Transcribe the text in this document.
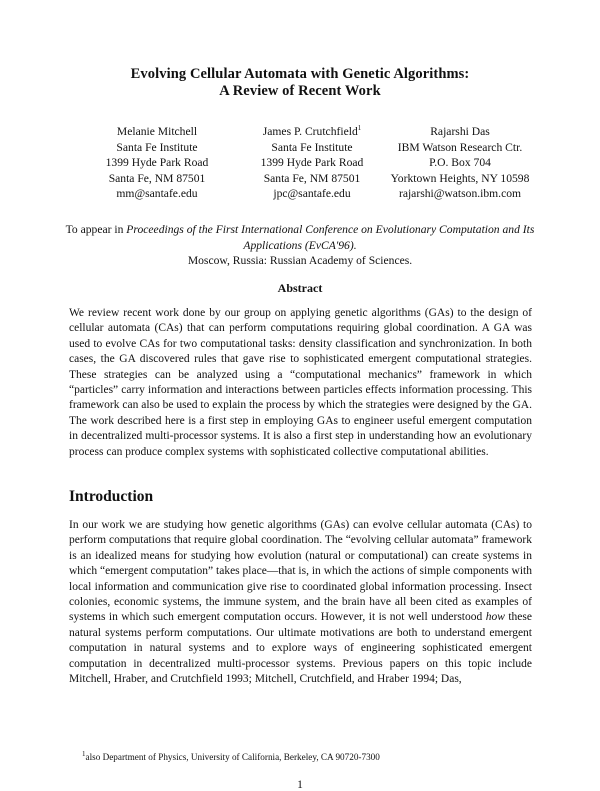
Evolving Cellular Automata with Genetic Algorithms:
A Review of Recent Work
Melanie Mitchell
Santa Fe Institute
1399 Hyde Park Road
Santa Fe, NM 87501
mm@santafe.edu
James P. Crutchfield$^1$
Santa Fe Institute
1399 Hyde Park Road
Santa Fe, NM 87501
jpc@santafe.edu
Rajarshi Das
IBM Watson Research Ctr.
P.O. Box 704
Yorktown Heights, NY 10598
rajarshi@watson.ibm.com
To appear in Proceedings of the First International Conference on Evolutionary Computation and Its Applications (EvCA'96).
Moscow, Russia: Russian Academy of Sciences.
Abstract
We review recent work done by our group on applying genetic algorithms (GAs) to the design of cellular automata (CAs) that can perform computations requiring global coordination. A GA was used to evolve CAs for two computational tasks: density classification and synchronization. In both cases, the GA discovered rules that gave rise to sophisticated emergent computational strategies. These strategies can be analyzed using a “computational mechanics” framework in which “particles” carry information and interactions between particles effects information processing. This framework can also be used to explain the process by which the strategies were designed by the GA. The work described here is a first step in employing GAs to engineer useful emergent computation in decentralized multi-processor systems. It is also a first step in understanding how an evolutionary process can produce complex systems with sophisticated collective computational abilities.
Introduction
In our work we are studying how genetic algorithms (GAs) can evolve cellular automata (CAs) to perform computations that require global coordination. The “evolving cellular automata” framework is an idealized means for studying how evolution (natural or computational) can create systems in which “emergent computation” takes place—that is, in which the actions of simple components with local information and communication give rise to coordinated global information processing. Insect colonies, economic systems, the immune system, and the brain have all been cited as examples of systems in which such emergent computation occurs. However, it is not well understood how these natural systems perform computations. Our ultimate motivations are both to understand emergent computation in natural systems and to explore ways of engineering sophisticated emergent computation in decentralized multi-processor systems. Previous papers on this topic include Mitchell, Hraber, and Crutchfield 1993; Mitchell, Crutchfield, and Hraber 1994; Das,
$^1$also Department of Physics, University of California, Berkeley, CA 90720-7300
1
